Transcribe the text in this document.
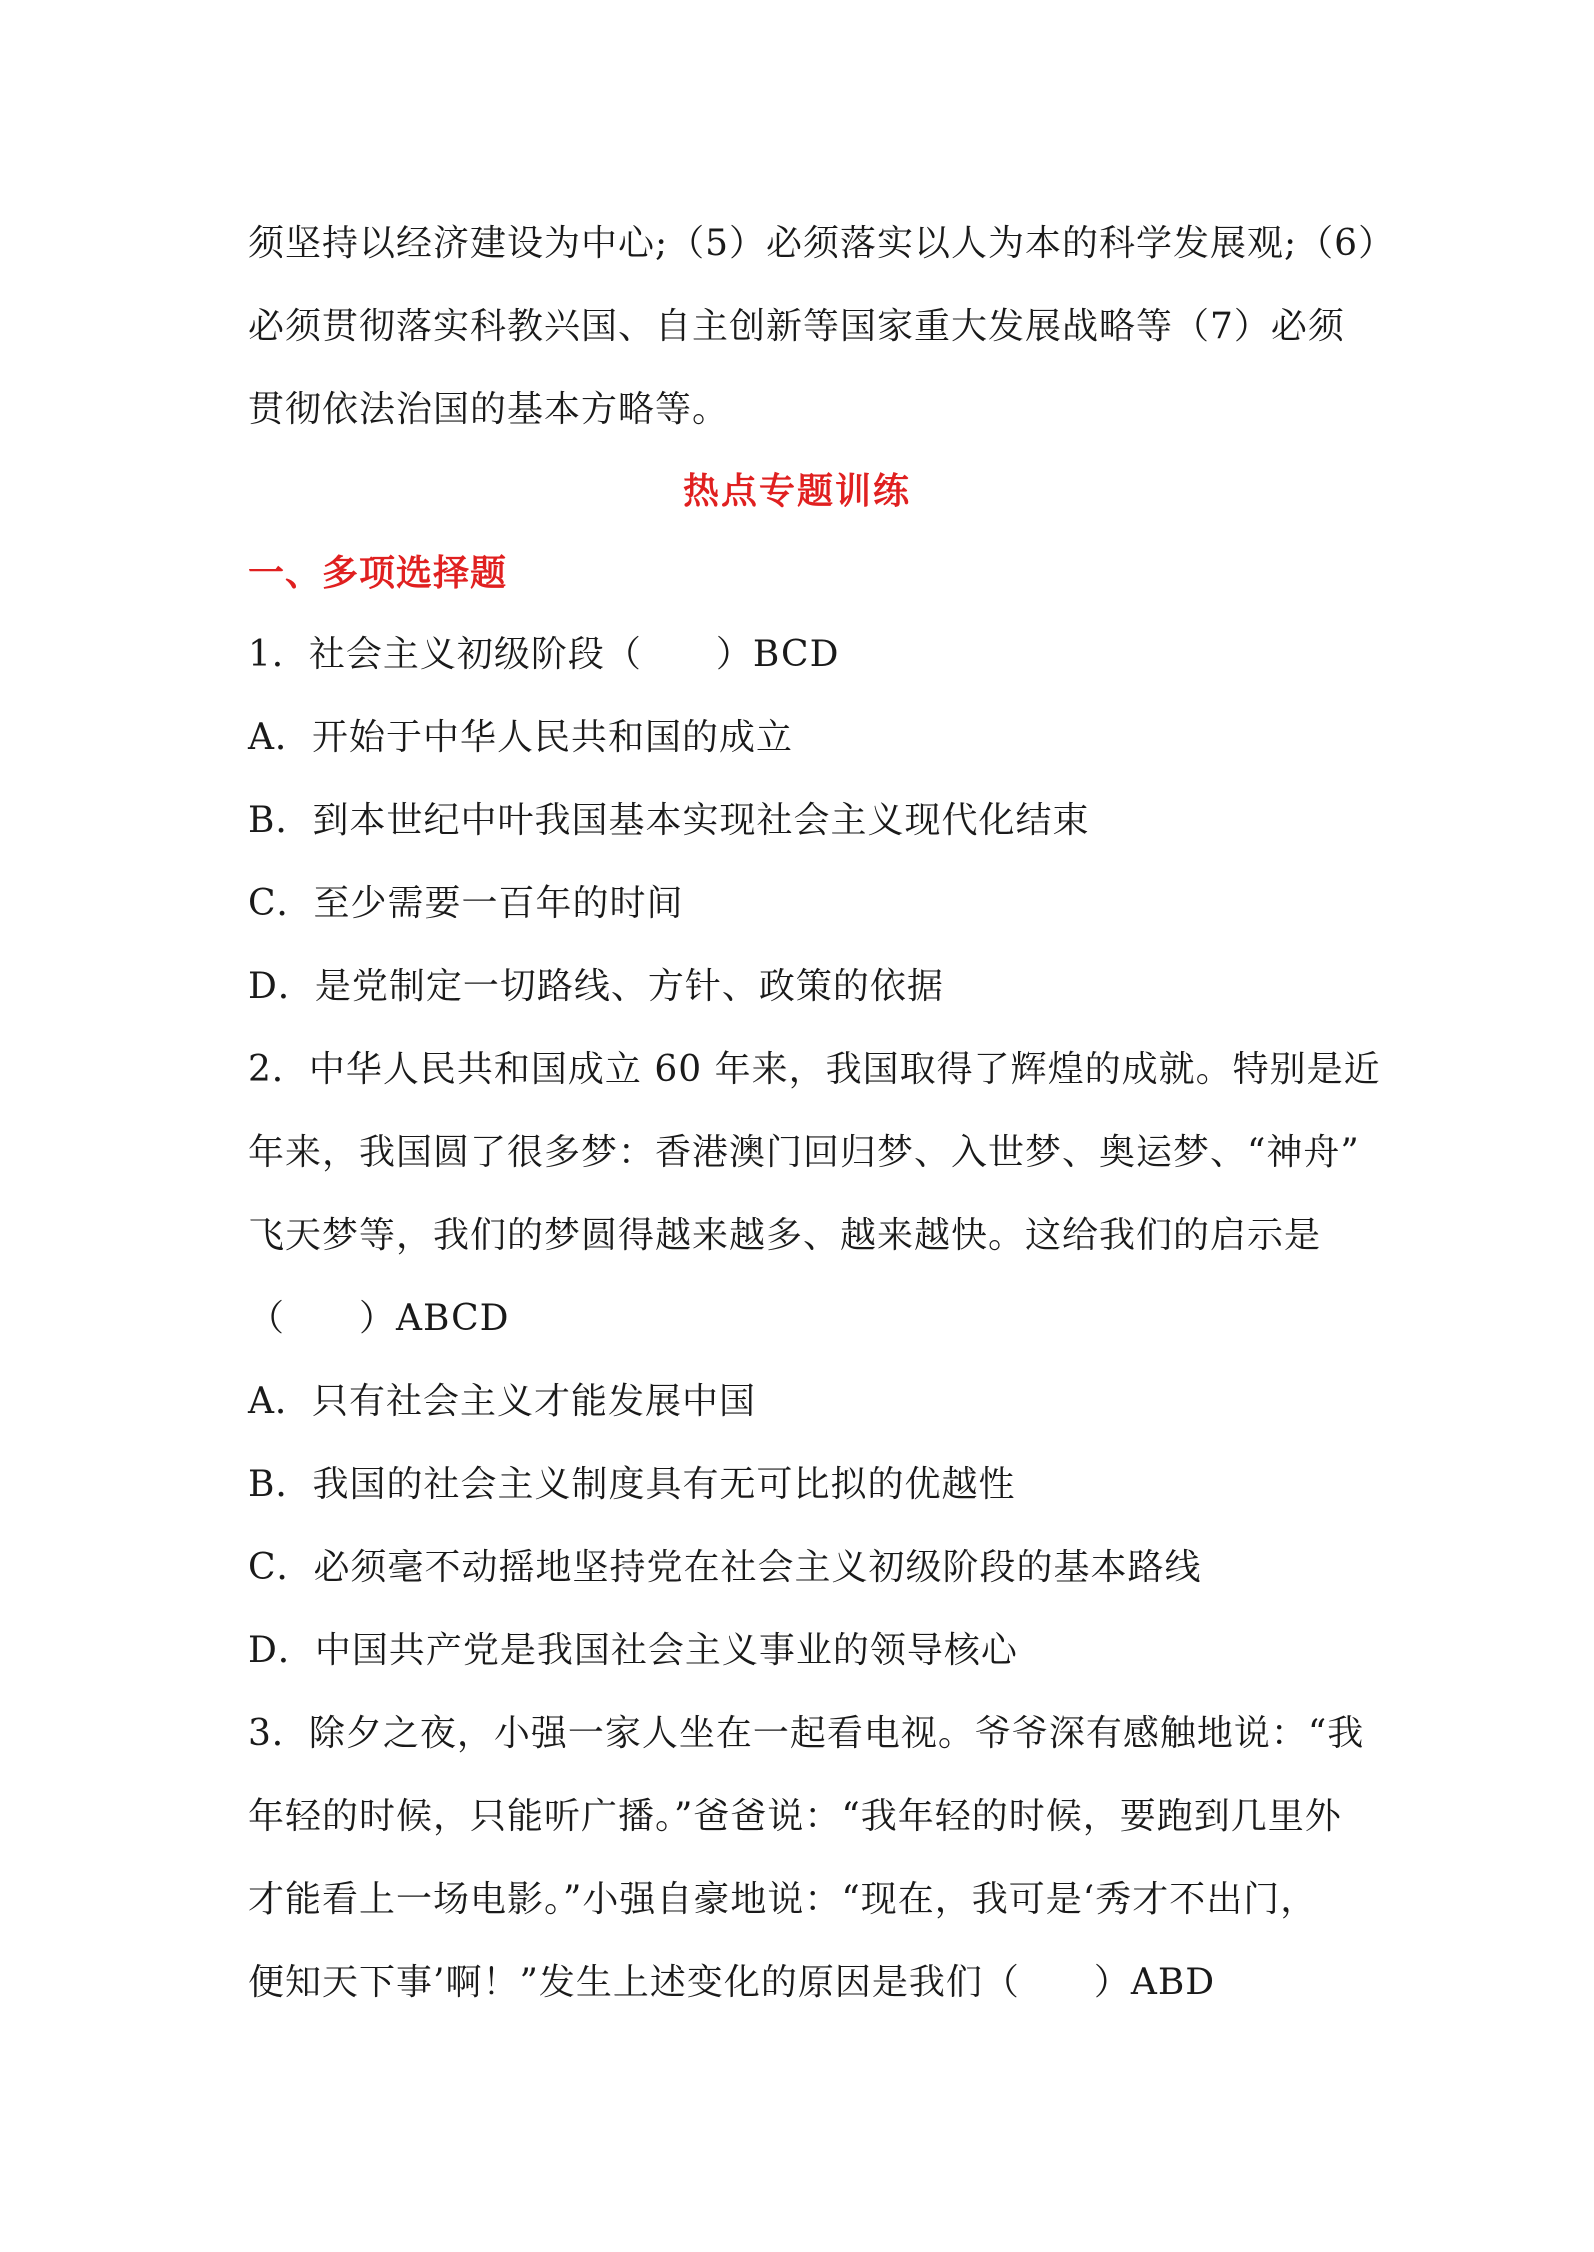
须坚持以经济建设为中心;（5）必须落实以人为本的科学发展观;（6）
必须贯彻落实科教兴国、自主创新等国家重大发展战略等（7）必须
贯彻依法治国的基本方略等。
热点专题训练
一、多项选择题
1．社会主义初级阶段（　　）BCD
A．开始于中华人民共和国的成立
B．到本世纪中叶我国基本实现社会主义现代化结束
C．至少需要一百年的时间
D．是党制定一切路线、方针、政策的依据
2．中华人民共和国成立 60 年来，我国取得了辉煌的成就。特别是近
年来，我国圆了很多梦：香港澳门回归梦、入世梦、奥运梦、“神舟”
飞天梦等，我们的梦圆得越来越多、越来越快。这给我们的启示是
（　　）ABCD
A．只有社会主义才能发展中国
B．我国的社会主义制度具有无可比拟的优越性
C．必须毫不动摇地坚持党在社会主义初级阶段的基本路线
D．中国共产党是我国社会主义事业的领导核心
3．除夕之夜，小强一家人坐在一起看电视。爷爷深有感触地说：“我
年轻的时候，只能听广播。”爸爸说：“我年轻的时候，要跑到几里外
才能看上一场电影。”小强自豪地说：“现在，我可是‘秀才不出门，
便知天下事’啊！”发生上述变化的原因是我们（　　）ABD
